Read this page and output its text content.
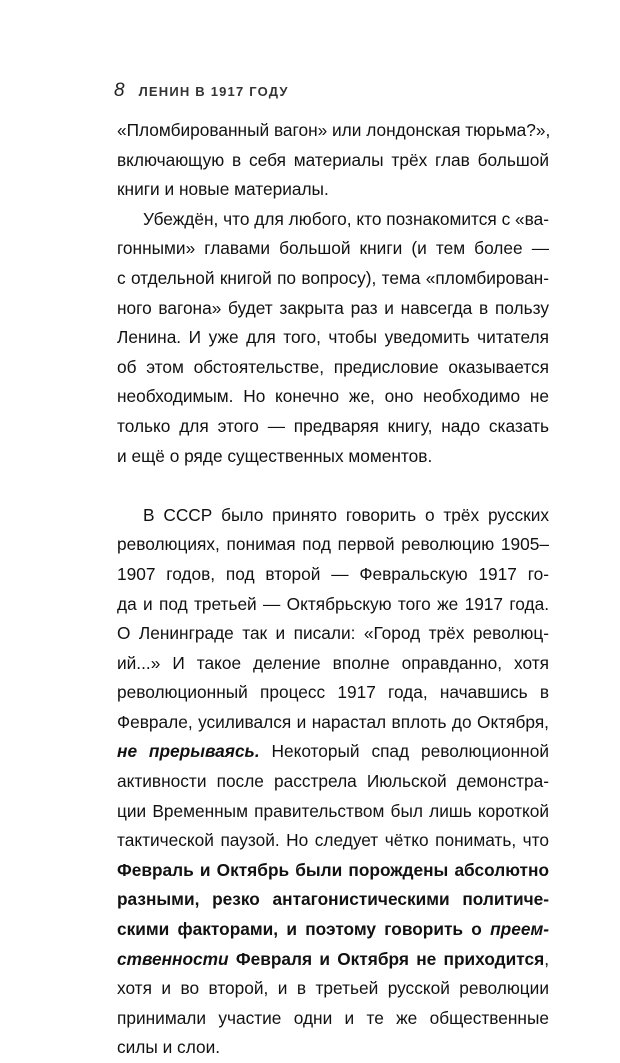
8 ЛЕНИН В 1917 ГОДУ
«Пломбированный вагон» или лондонская тюрьма?»,
включающую в себя материалы трёх глав большой
книги и новые материалы.
Убеждён, что для любого, кто познакомится с «ва-
гонными» главами большой книги (и тем более —
с отдельной книгой по вопросу), тема «пломбирован-
ного вагона» будет закрыта раз и навсегда в пользу
Ленина. И уже для того, чтобы уведомить читателя
об этом обстоятельстве, предисловие оказывается
необходимым. Но конечно же, оно необходимо не
только для этого — предваряя книгу, надо сказать
и ещё о ряде существенных моментов.
В СССР было принято говорить о трёх русских
революциях, понимая под первой революцию 1905–
1907 годов, под второй — Февральскую 1917 го-
да и под третьей — Октябрьскую того же 1917 года.
О Ленинграде так и писали: «Город трёх революц-
ий...» И такое деление вполне оправданно, хотя
революционный процесс 1917 года, начавшись в
Феврале, усиливался и нарастал вплоть до Октября,
не прерываясь. Некоторый спад революционной
активности после расстрела Июльской демонстра-
ции Временным правительством был лишь короткой
тактической паузой. Но следует чётко понимать, что
Февраль и Октябрь были порождены абсолютно
разными, резко антагонистическими политиче-
скими факторами, и поэтому говорить о преем-
ственности Февраля и Октября не приходится,
хотя и во второй, и в третьей русской революции
принимали участие одни и те же общественные
силы и слои.
